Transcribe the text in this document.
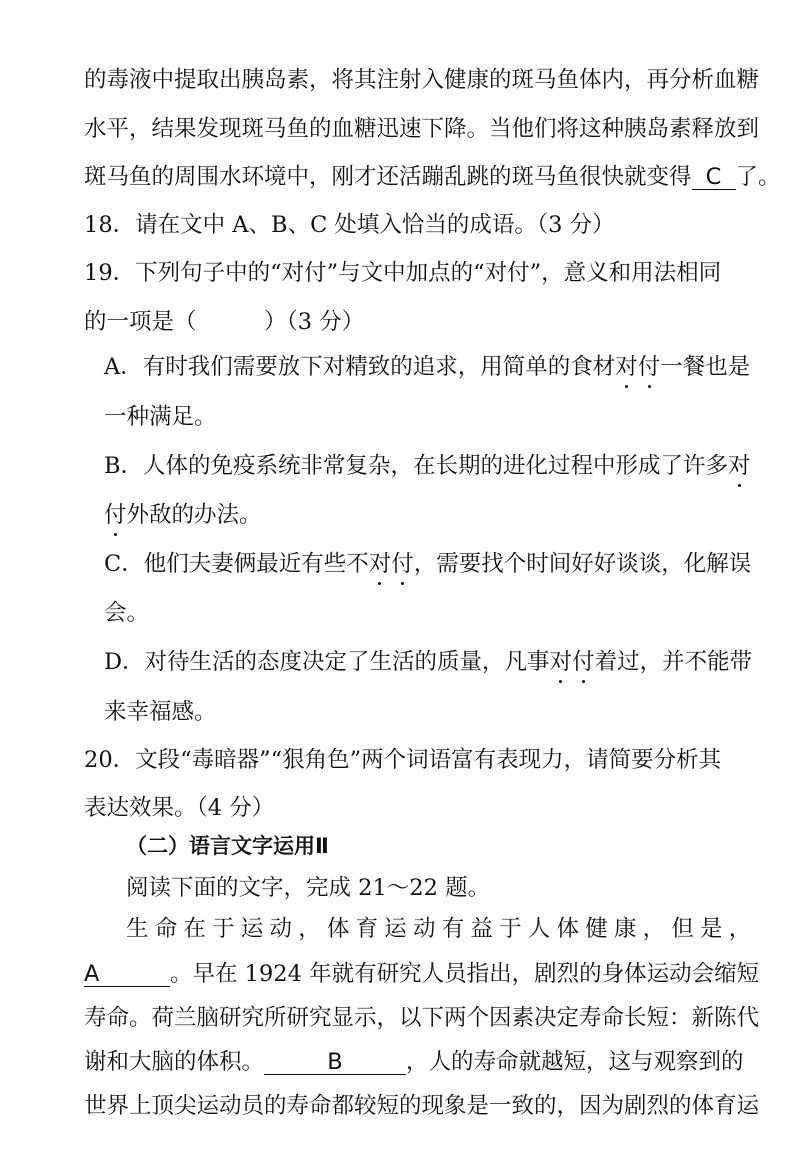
的毒液中提取出胰岛素，将其注射入健康的斑马鱼体内，再分析血糖
水平，结果发现斑马鱼的血糖迅速下降。当他们将这种胰岛素释放到
斑马鱼的周围水环境中，刚才还活蹦乱跳的斑马鱼很快就变得 C 了。
18．请在文中 A、B、C 处填入恰当的成语。（3 分）
19．下列句子中的“对付”与文中加点的“对付”，意义和用法相同
的一项是（　　　）（3 分）
A．有时我们需要放下对精致的追求，用简单的食材对付一餐也是
一种满足。
B．人体的免疫系统非常复杂，在长期的进化过程中形成了许多对
付外敌的办法。
C．他们夫妻俩最近有些不对付，需要找个时间好好谈谈，化解误
会。
D．对待生活的态度决定了生活的质量，凡事对付着过，并不能带
来幸福感。
20．文段“毒暗器”“狠角色”两个词语富有表现力，请简要分析其
表达效果。（4 分）
（二）语言文字运用Ⅱ
阅读下面的文字，完成 21～22 题。
生命在于运动，体育运动有益于人体健康，但是，
A	。早在 1924 年就有研究人员指出，剧烈的身体运动会缩短
寿命。荷兰脑研究所研究显示，以下两个因素决定寿命长短：新陈代
谢和大脑的体积。	B	，人的寿命就越短，这与观察到的
世界上顶尖运动员的寿命都较短的现象是一致的，因为剧烈的体育运
